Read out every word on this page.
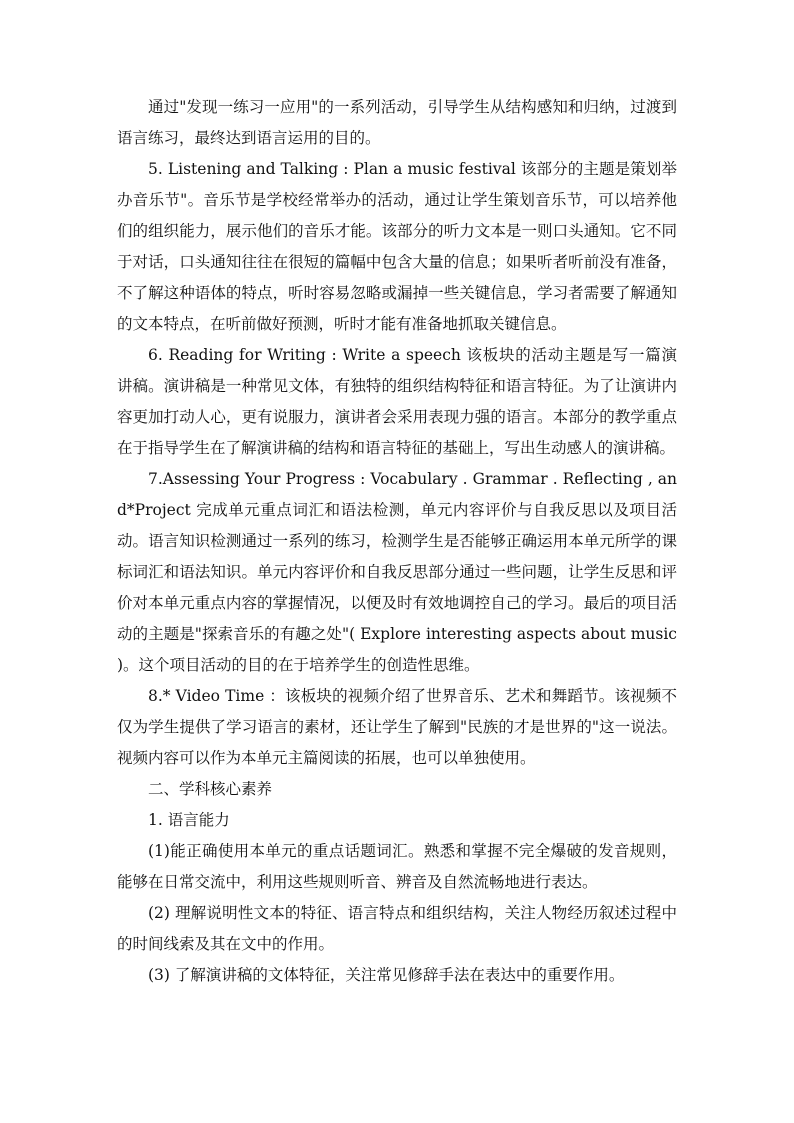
通过"发现一练习一应用"的一系列活动，引导学生从结构感知和归纳，过渡到语言练习，最终达到语言运用的目的。

5. Listening and Talking : Plan a music festival 该部分的主题是策划举办音乐节"。音乐节是学校经常举办的活动，通过让学生策划音乐节，可以培养他们的组织能力，展示他们的音乐才能。该部分的听力文本是一则口头通知。它不同于对话，口头通知往往在很短的篇幅中包含大量的信息；如果听者听前没有准备，不了解这种语体的特点，听时容易忽略或漏掉一些关键信息，学习者需要了解通知的文本特点，在听前做好预测，听时才能有准备地抓取关键信息。

6. Reading for Writing : Write a speech 该板块的活动主题是写一篇演讲稿。演讲稿是一种常见文体，有独特的组织结构特征和语言特征。为了让演讲内容更加打动人心，更有说服力，演讲者会采用表现力强的语言。本部分的教学重点在于指导学生在了解演讲稿的结构和语言特征的基础上，写出生动感人的演讲稿。

7.Assessing Your Progress : Vocabulary . Grammar . Reflecting , and*Project 完成单元重点词汇和语法检测，单元内容评价与自我反思以及项目活动。语言知识检测通过一系列的练习，检测学生是否能够正确运用本单元所学的课标词汇和语法知识。单元内容评价和自我反思部分通过一些问题，让学生反思和评价对本单元重点内容的掌握情况，以便及时有效地调控自己的学习。最后的项目活动的主题是"探索音乐的有趣之处"( Explore interesting aspects about music )。这个项目活动的目的在于培养学生的创造性思维。

8.* Video Time ：该板块的视频介绍了世界音乐、艺术和舞蹈节。该视频不仅为学生提供了学习语言的素材，还让学生了解到"民族的才是世界的"这一说法。视频内容可以作为本单元主篇阅读的拓展，也可以单独使用。

二、学科核心素养

1. 语言能力

(1)能正确使用本单元的重点话题词汇。熟悉和掌握不完全爆破的发音规则，能够在日常交流中，利用这些规则听音、辨音及自然流畅地进行表达。

(2) 理解说明性文本的特征、语言特点和组织结构，关注人物经历叙述过程中的时间线索及其在文中的作用。

(3) 了解演讲稿的文体特征，关注常见修辞手法在表达中的重要作用。
